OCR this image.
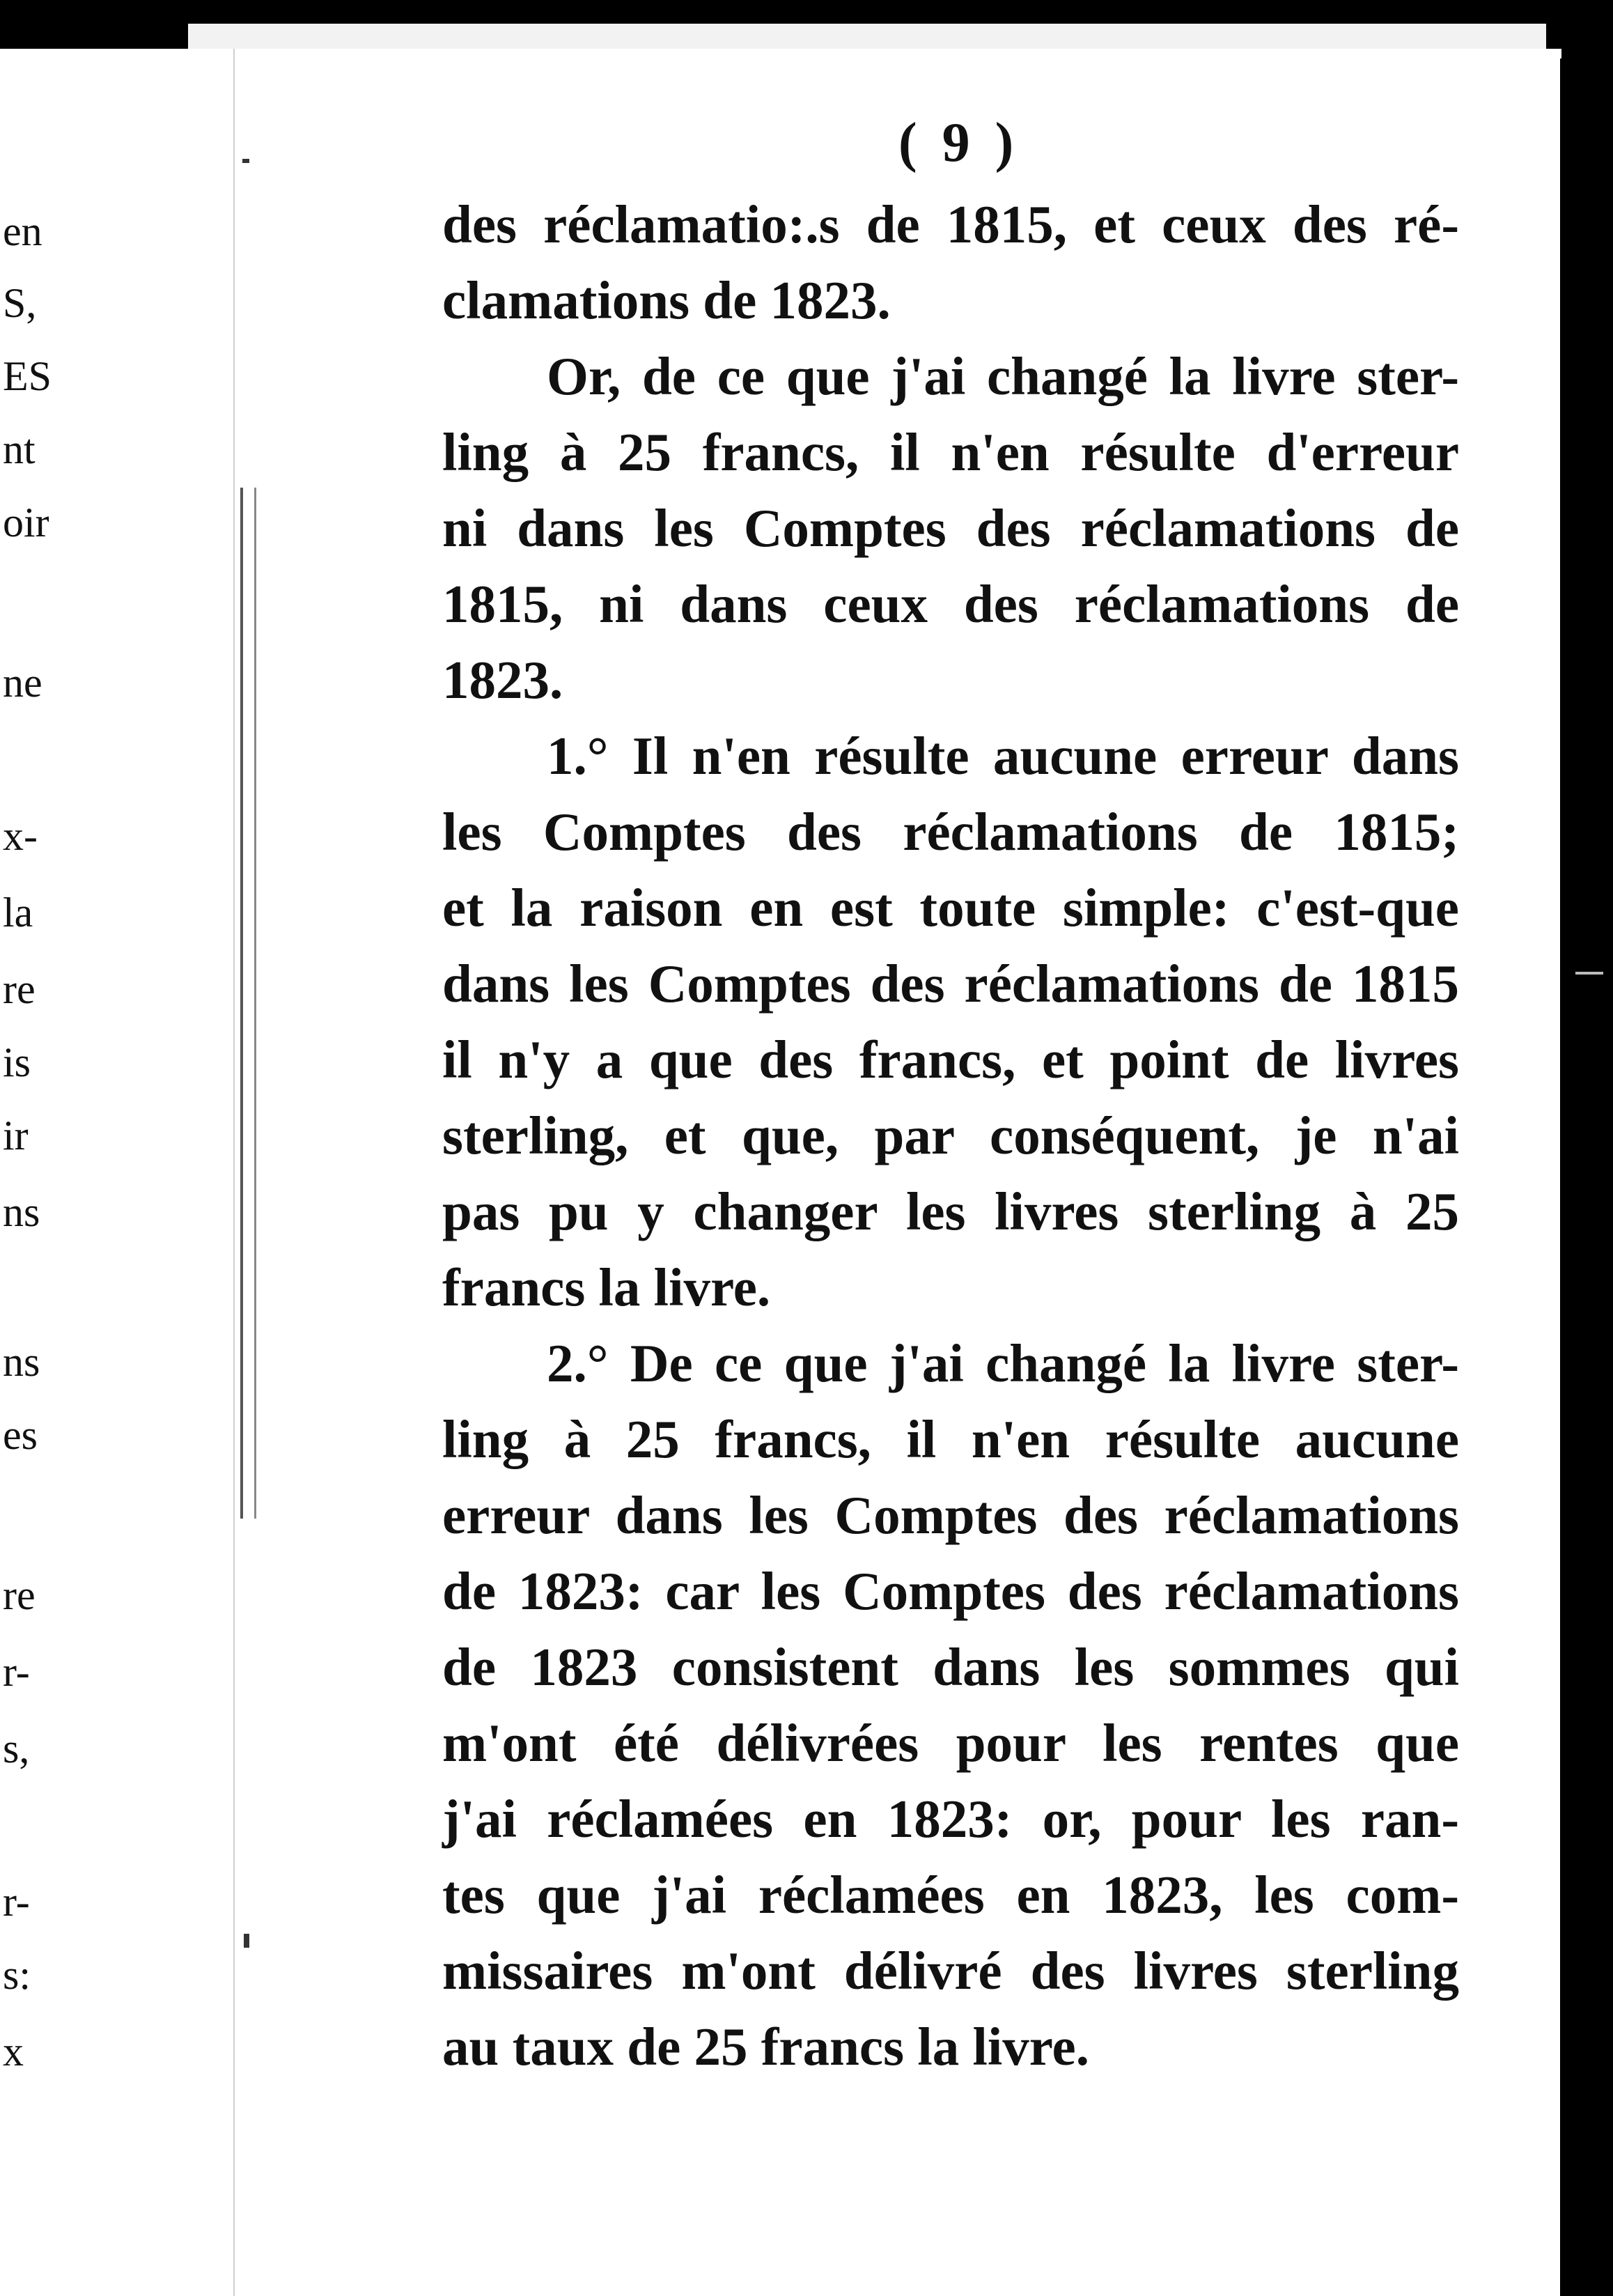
en

S,

ES

nt

oir

ne

x-

la

re

is

ir

ns

ns

es

re

r-

s,

r-

s:

x

( 9 )
des réclamatio:.s de 1815, et ceux des ré-
clamations de 1823.
Or, de ce que j'ai changé la livre ster-
ling à 25 francs, il n'en résulte d'erreur
ni dans les Comptes des réclamations de
1815, ni dans ceux des réclamations de
1823.
1.° Il n'en résulte aucune erreur dans
les Comptes des réclamations de 1815;
et la raison en est toute simple: c'est-que
dans les Comptes des réclamations de 1815
il n'y a que des francs, et point de livres
sterling, et que, par conséquent, je n'ai
pas pu y changer les livres sterling à 25
francs la livre.
2.° De ce que j'ai changé la livre ster-
ling à 25 francs, il n'en résulte aucune
erreur dans les Comptes des réclamations
de 1823: car les Comptes des réclamations
de 1823 consistent dans les sommes qui
m'ont été délivrées pour les rentes que
j'ai réclamées en 1823: or, pour les ran-
tes que j'ai réclamées en 1823, les com-
missaires m'ont délivré des livres sterling
au taux de 25 francs la livre.
